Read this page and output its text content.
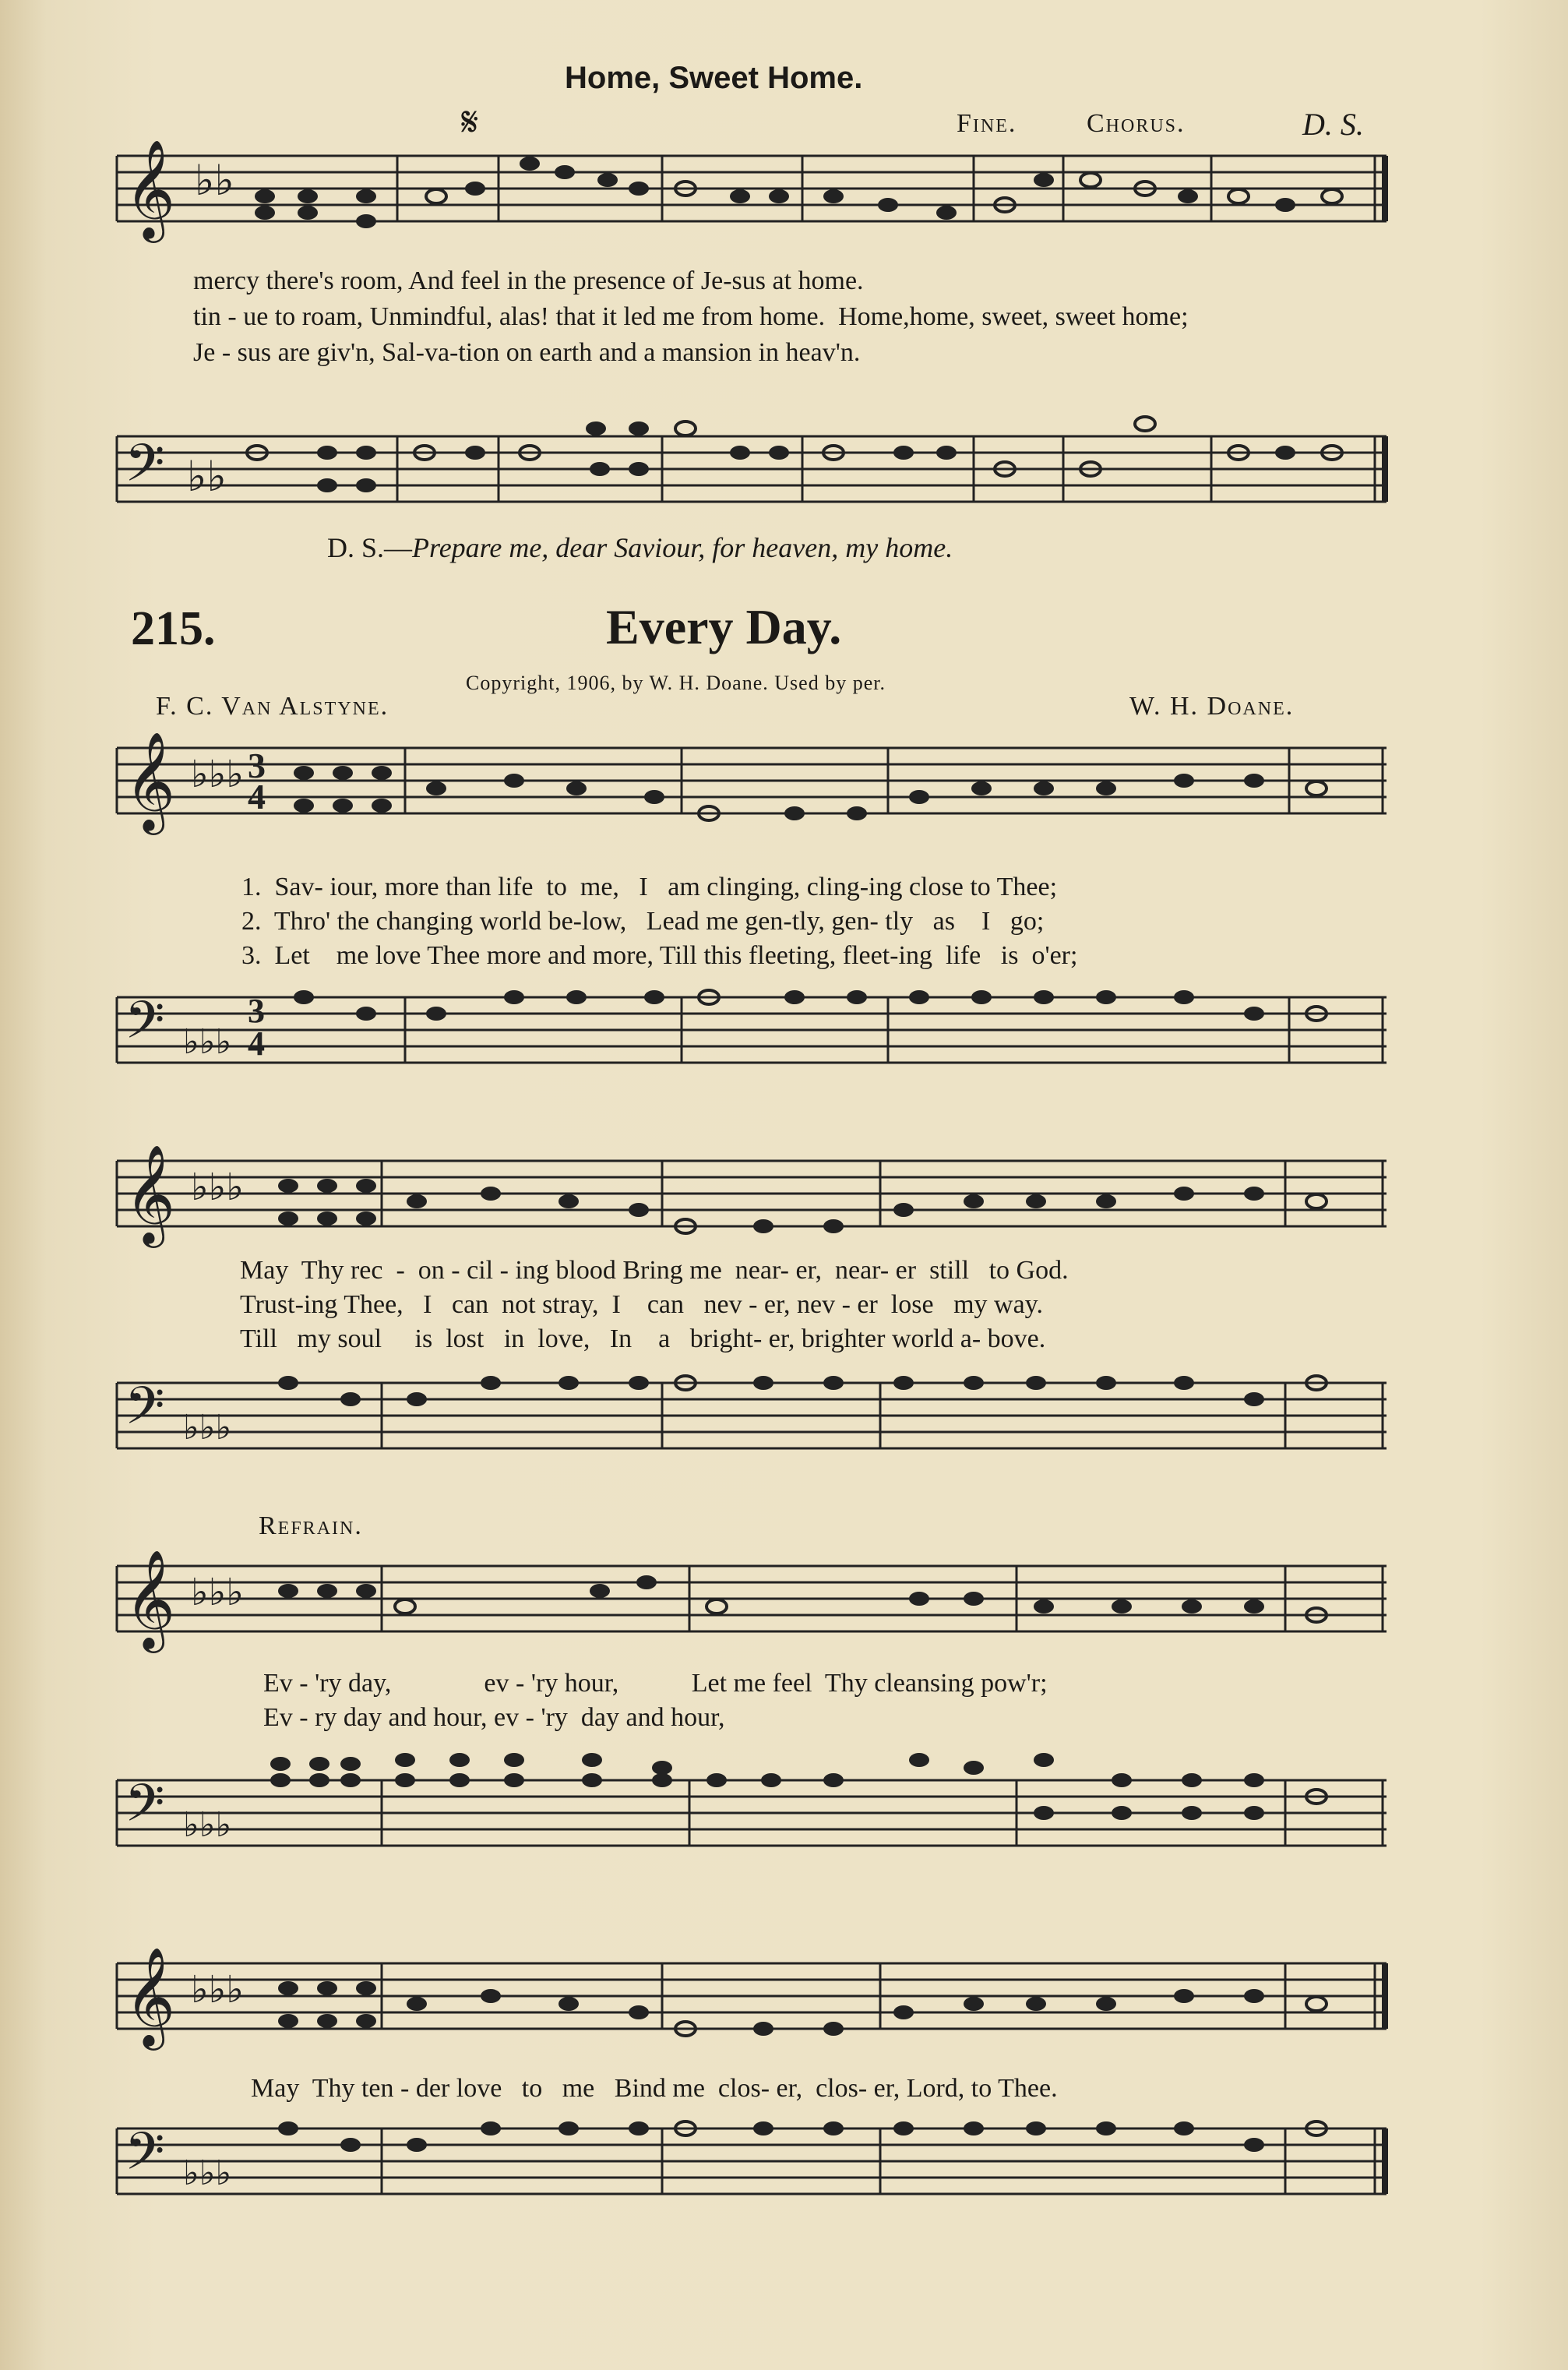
Home, Sweet Home.
𝄋	Fine.	Chorus.	D. S.
𝄞 ♭♭
mercy there's room, And feel in the presence of Je-sus at home.
tin - ue to roam, Unmindful, alas! that it led me from home.  Home,home, sweet, sweet home;
Je - sus are giv'n, Sal-va-tion on earth and a mansion in heav'n.
𝄢 ♭♭
D. S.—Prepare me, dear Saviour, for heaven, my home.
215.	Every Day.
Copyright, 1906, by W. H. Doane. Used by per.
F. C. Van Alstyne.	W. H. Doane.
𝄞 ♭♭♭ 3
4
1.  Sav- iour, more than life  to  me,   I   am clinging, cling-ing close to Thee;
2.  Thro' the changing world be-low,   Lead me gen-tly, gen- tly   as    I   go;
3.  Let    me love Thee more and more, Till this fleeting, fleet-ing  life   is  o'er;
𝄢 ♭♭♭
3
4
𝄞 ♭♭♭
May  Thy rec  -  on - cil - ing blood Bring me  near- er,  near- er  still   to God.
Trust-ing Thee,   I   can  not stray,  I    can   nev - er, nev - er  lose   my way.
Till   my soul     is  lost   in  love,   In    a   bright- er, brighter world a- bove.
𝄢 ♭♭♭
Refrain.
𝄞 ♭♭♭
Ev - 'ry day,              ev - 'ry hour,           Let me feel  Thy cleansing pow'r;
Ev - ry day and hour, ev - 'ry  day and hour,
𝄢 ♭♭♭
𝄞 ♭♭♭
May  Thy ten - der love   to   me   Bind me  clos- er,  clos- er, Lord, to Thee.
𝄢 ♭♭♭
